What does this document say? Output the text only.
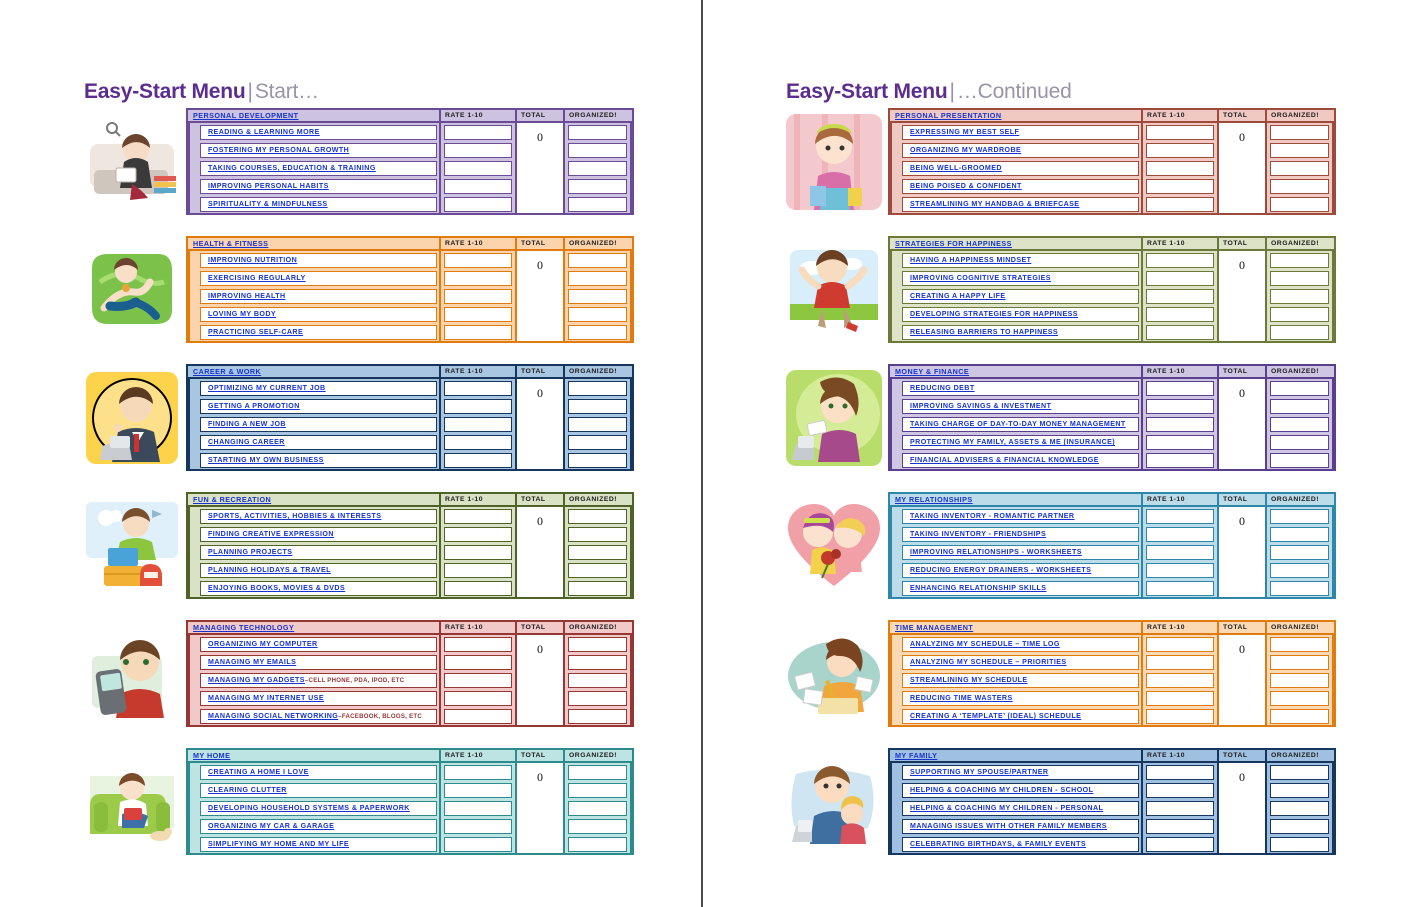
Easy-Start Menu|Start…
PERSONAL DEVELOPMENT	RATE 1-10	TOTAL	ORGANIZED!

READING & LEARNING MORE		0	

FOSTERING MY PERSONAL GROWTH			

TAKING COURSES, EDUCATION & TRAINING			

IMPROVING PERSONAL HABITS			

SPIRITUALITY & MINDFULNESS			

HEALTH & FITNESS	RATE 1-10	TOTAL	ORGANIZED!

IMPROVING NUTRITION		0	

EXERCISING REGULARLY			

IMPROVING HEALTH			

LOVING MY BODY			

PRACTICING SELF-CARE			

CAREER & WORK	RATE 1-10	TOTAL	ORGANIZED!

OPTIMIZING MY CURRENT JOB		0	

GETTING A PROMOTION			

FINDING A NEW JOB			

CHANGING CAREER			

STARTING MY OWN BUSINESS			

FUN & RECREATION	RATE 1-10	TOTAL	ORGANIZED!

SPORTS, ACTIVITIES, HOBBIES & INTERESTS		0	

FINDING CREATIVE EXPRESSION			

PLANNING PROJECTS			

PLANNING HOLIDAYS & TRAVEL			

ENJOYING BOOKS, MOVIES & DVDS			

MANAGING TECHNOLOGY	RATE 1-10	TOTAL	ORGANIZED!

ORGANIZING MY COMPUTER		0	

MANAGING MY EMAILS			

MANAGING MY GADGETS –CELL PHONE, PDA, IPOD, ETC			

MANAGING MY INTERNET USE			

MANAGING SOCIAL NETWORKING –FACEBOOK, BLOGS, ETC			

MY HOME	RATE 1-10	TOTAL	ORGANIZED!

CREATING A HOME I LOVE		0	

CLEARING CLUTTER			

DEVELOPING HOUSEHOLD SYSTEMS & PAPERWORK			

ORGANIZING MY CAR & GARAGE			

SIMPLIFYING MY HOME AND MY LIFE			

Easy-Start Menu|…Continued
PERSONAL PRESENTATION	RATE 1-10	TOTAL	ORGANIZED!

EXPRESSING MY BEST SELF		0	

ORGANIZING MY WARDROBE			

BEING WELL-GROOMED			

BEING POISED & CONFIDENT			

STREAMLINING MY HANDBAG & BRIEFCASE			

STRATEGIES FOR HAPPINESS	RATE 1-10	TOTAL	ORGANIZED!

HAVING A HAPPINESS MINDSET		0	

IMPROVING COGNITIVE STRATEGIES			

CREATING A HAPPY LIFE			

DEVELOPING STRATEGIES FOR HAPPINESS			

RELEASING BARRIERS TO HAPPINESS			

MONEY & FINANCE	RATE 1-10	TOTAL	ORGANIZED!

REDUCING DEBT		0	

IMPROVING SAVINGS & INVESTMENT			

TAKING CHARGE OF DAY-TO-DAY MONEY MANAGEMENT			

PROTECTING MY FAMILY, ASSETS & ME (INSURANCE)			

FINANCIAL ADVISERS & FINANCIAL KNOWLEDGE			

MY RELATIONSHIPS	RATE 1-10	TOTAL	ORGANIZED!

TAKING INVENTORY - ROMANTIC PARTNER		0	

TAKING INVENTORY - FRIENDSHIPS			

IMPROVING RELATIONSHIPS - WORKSHEETS			

REDUCING ENERGY DRAINERS - WORKSHEETS			

ENHANCING RELATIONSHIP SKILLS			

TIME MANAGEMENT	RATE 1-10	TOTAL	ORGANIZED!

ANALYZING MY SCHEDULE – TIME LOG		0	

ANALYZING MY SCHEDULE – PRIORITIES			

STREAMLINING MY SCHEDULE			

REDUCING TIME WASTERS			

CREATING A ‘TEMPLATE’ (IDEAL) SCHEDULE			

MY FAMILY	RATE 1-10	TOTAL	ORGANIZED!

SUPPORTING MY SPOUSE/PARTNER		0	

HELPING & COACHING MY CHILDREN - SCHOOL			

HELPING & COACHING MY CHILDREN - PERSONAL			

MANAGING ISSUES WITH OTHER FAMILY MEMBERS			

CELEBRATING BIRTHDAYS, & FAMILY EVENTS			
